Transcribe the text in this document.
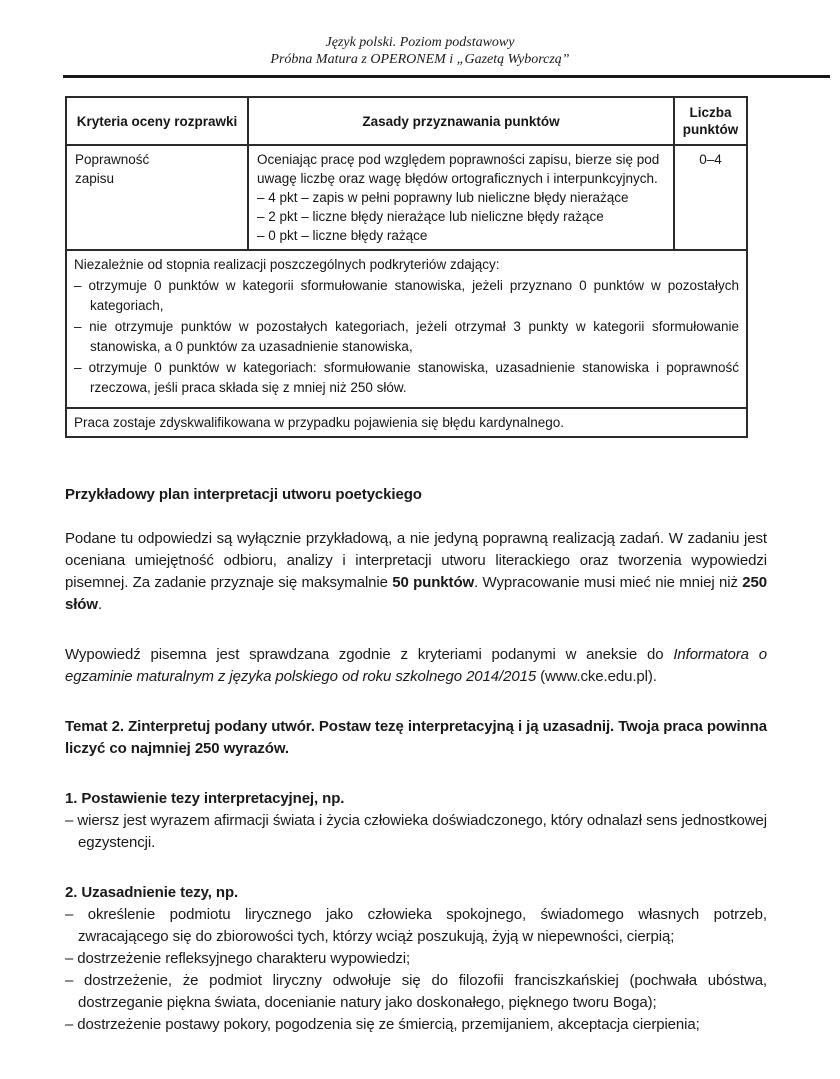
Język polski. Poziom podstawowy
Próbna Matura z OPERONEM i „Gazetą Wyborczą”
Kryteria oceny rozprawki	Zasady przyznawania punktów	Liczba punktów

Poprawność
zapisu	Oceniając pracę pod względem poprawności zapisu, bierze się pod uwagę liczbę oraz wagę błędów ortograficznych i interpunkcyjnych.
– 4 pkt – zapis w pełni poprawny lub nieliczne błędy nierażące
– 2 pkt – liczne błędy nierażące lub nieliczne błędy rażące
– 0 pkt – liczne błędy rażące	0–4

Niezależnie od stopnia realizacji poszczególnych podkryteriów zdający:
– otrzymuje 0 punktów w kategorii sformułowanie stanowiska, jeżeli przyznano 0 punktów w pozostałych kategoriach,
– nie otrzymuje punktów w pozostałych kategoriach, jeżeli otrzymał 3 punkty w kategorii sformułowanie stanowiska, a 0 punktów za uzasadnienie stanowiska,
– otrzymuje 0 punktów w kategoriach: sformułowanie stanowiska, uzasadnienie stanowiska i poprawność rzeczowa, jeśli praca składa się z mniej niż 250 słów.		

Praca zostaje zdyskwalifikowana w przypadku pojawienia się błędu kardynalnego.		
Przykładowy plan interpretacji utworu poetyckiego

Podane tu odpowiedzi są wyłącznie przykładową, a nie jedyną poprawną realizacją zadań. W zadaniu jest oceniana umiejętność odbioru, analizy i interpretacji utworu literackiego oraz tworzenia wypowiedzi pisemnej. Za zadanie przyznaje się maksymalnie 50 punktów. Wypracowanie musi mieć nie mniej niż 250 słów.

Wypowiedź pisemna jest sprawdzana zgodnie z kryteriami podanymi w aneksie do Informatora o egzaminie maturalnym z języka polskiego od roku szkolnego 2014/2015 (www.cke.edu.pl).

Temat 2. Zinterpretuj podany utwór. Postaw tezę interpretacyjną i ją uzasadnij. Twoja praca powinna liczyć co najmniej 250 wyrazów.

1. Postawienie tezy interpretacyjnej, np.
– wiersz jest wyrazem afirmacji świata i życia człowieka doświadczonego, który odnalazł sens jednostkowej egzystencji.
2. Uzasadnienie tezy, np.
– określenie podmiotu lirycznego jako człowieka spokojnego, świadomego własnych potrzeb, zwracającego się do zbiorowości tych, którzy wciąż poszukują, żyją w niepewności, cierpią;
– dostrzeżenie refleksyjnego charakteru wypowiedzi;
– dostrzeżenie, że podmiot liryczny odwołuje się do filozofii franciszkańskiej (pochwała ubóstwa, dostrzeganie piękna świata, docenianie natury jako doskonałego, pięknego tworu Boga);
– dostrzeżenie postawy pokory, pogodzenia się ze śmiercią, przemijaniem, akceptacja cierpienia;
